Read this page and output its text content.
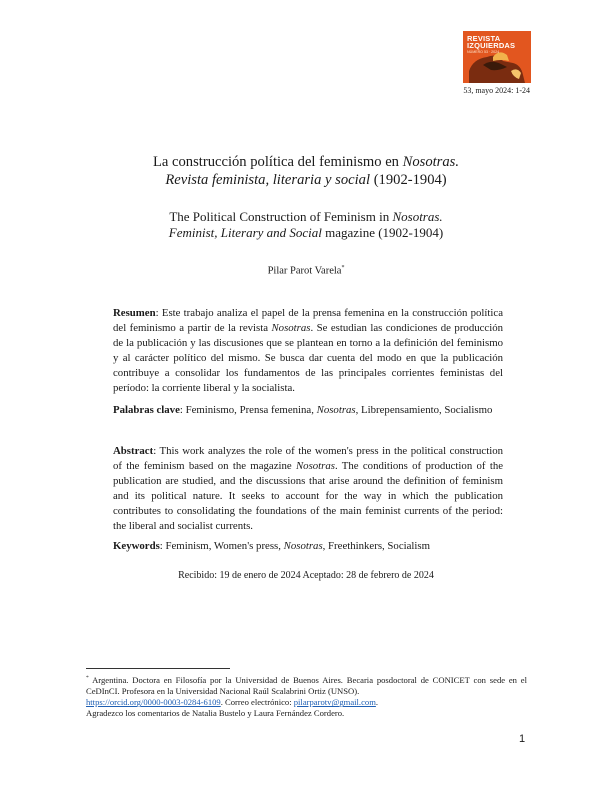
REVISTA
IZQUIERDAS
NÚMERO 53 · 2024
53, mayo 2024: 1-24
La construcción política del feminismo en Nosotras.
Revista feminista, literaria y social (1902-1904)
The Political Construction of Feminism in Nosotras.
Feminist, Literary and Social magazine (1902-1904)
Pilar Parot Varela*
Resumen: Este trabajo analiza el papel de la prensa femenina en la construcción política del feminismo a partir de la revista Nosotras. Se estudian las condiciones de producción de la publicación y las discusiones que se plantean en torno a la definición del feminismo y al carácter político del mismo. Se busca dar cuenta del modo en que la publicación contribuye a consolidar los fundamentos de las principales corrientes feministas del período: la corriente liberal y la socialista.
Palabras clave: Feminismo, Prensa femenina, Nosotras, Librepensamiento, Socialismo
Abstract: This work analyzes the role of the women's press in the political construction of the feminism based on the magazine Nosotras. The conditions of production of the publication are studied, and the discussions that arise around the definition of feminism and its political nature. It seeks to account for the way in which the publication contributes to consolidating the foundations of the main feminist currents of the period: the liberal and socialist currents.
Keywords: Feminism, Women's press, Nosotras, Freethinkers, Socialism
Recibido: 19 de enero de 2024 Aceptado: 28 de febrero de 2024
* Argentina. Doctora en Filosofía por la Universidad de Buenos Aires. Becaria posdoctoral de CONICET con sede en el CeDInCI. Profesora en la Universidad Nacional Raúl Scalabrini Ortiz (UNSO).
https://orcid.org/0000-0003-0284-6109. Correo electrónico: pilarparotv@gmail.com.
Agradezco los comentarios de Natalia Bustelo y Laura Fernández Cordero.
1
